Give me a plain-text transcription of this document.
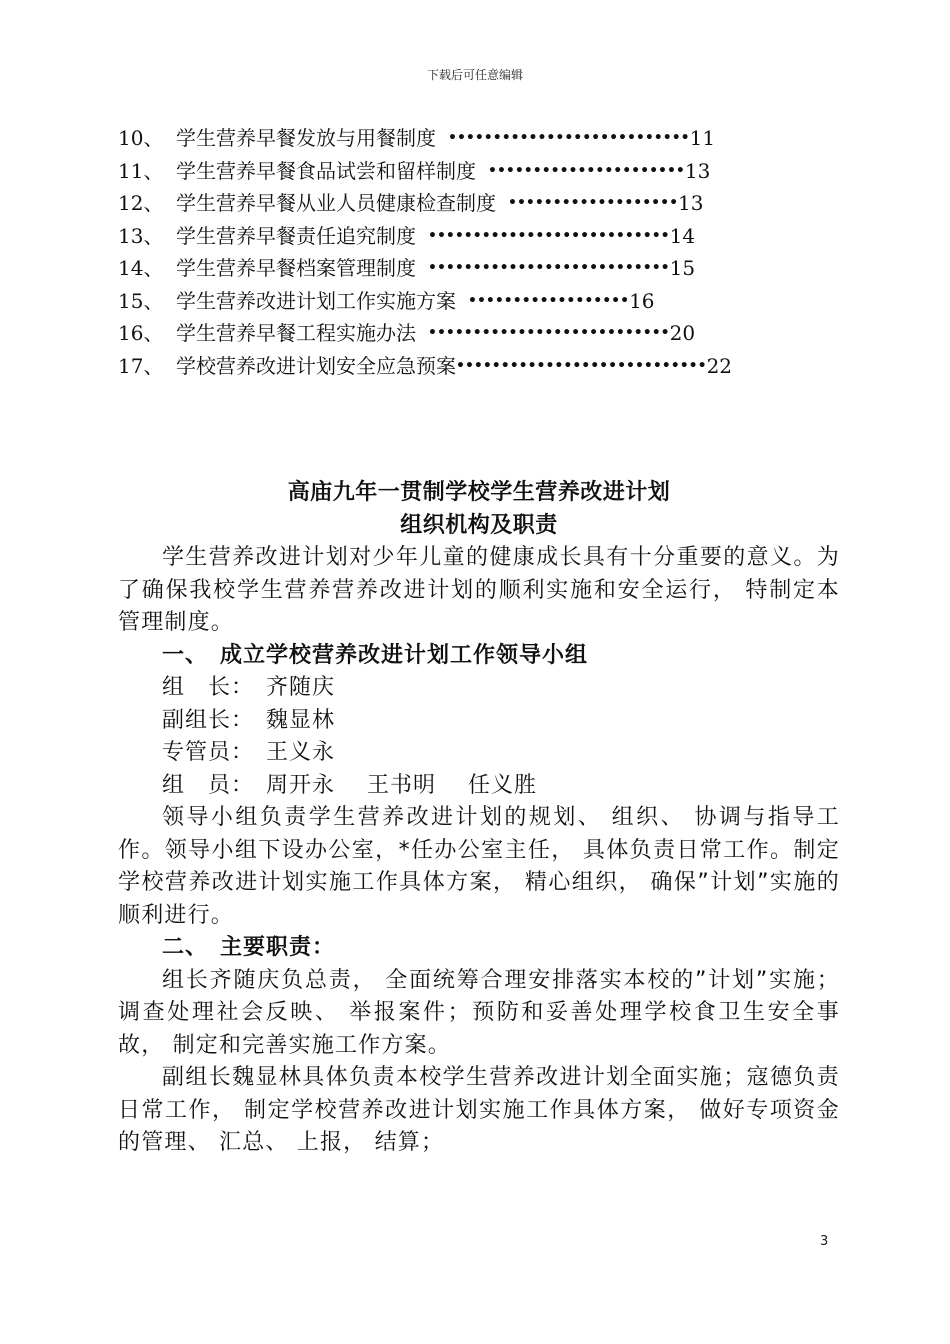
下载后可任意编辑
10、 学生营养早餐发放与用餐制度 ••••••••••••••••••••••••••• 11
11、 学生营养早餐食品试尝和留样制度 •••••••••••••••••••••• 13
12、 学生营养早餐从业人员健康检查制度 ••••••••••••••••••• 13
13、 学生营养早餐责任追究制度 ••••••••••••••••••••••••••• 14
14、 学生营养早餐档案管理制度 ••••••••••••••••••••••••••• 15
15、 学生营养改进计划工作实施方案 •••••••••••••••••• 16
16、 学生营养早餐工程实施办法 ••••••••••••••••••••••••••• 20
17、 学校营养改进计划安全应急预案 •••••••••••••••••••••••••••• 22
高庙九年一贯制学校学生营养改进计划
组织机构及职责

学生营养改进计划对少年儿童的健康成长具有十分重要的意义。为了确保我校学生营养营养改进计划的顺利实施和安全运行， 特制定本管理制度。

一、 成立学校营养改进计划工作领导小组
组　长： 齐随庆
副组长： 魏显林
专管员： 王义永
组　员： 周开永 王书明 任义胜

领导小组负责学生营养改进计划的规划、 组织、 协调与指导工作。领导小组下设办公室，*任办公室主任， 具体负责日常工作。制定学校营养改进计划实施工作具体方案， 精心组织， 确保”计划”实施的顺利进行。

二、 主要职责：

组长齐随庆负总责， 全面统筹合理安排落实本校的”计划”实施；调查处理社会反映、 举报案件；预防和妥善处理学校食卫生安全事故， 制定和完善实施工作方案。

副组长魏显林具体负责本校学生营养改进计划全面实施；寇德负责日常工作， 制定学校营养改进计划实施工作具体方案， 做好专项资金的管理、 汇总、 上报， 结算；

3
